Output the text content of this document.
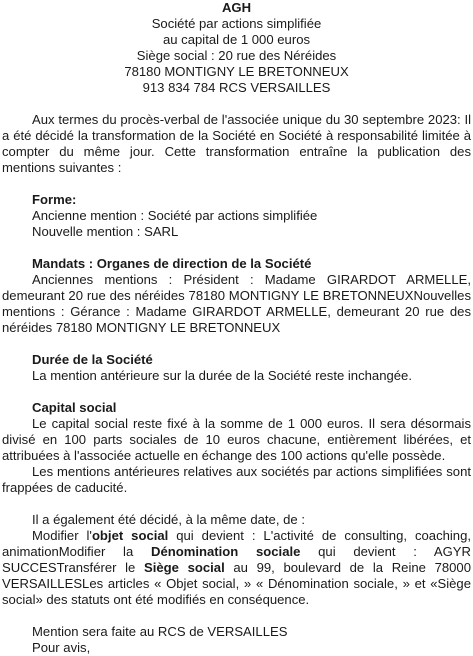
AGH
Société par actions simplifiée
au capital de 1 000 euros
Siège social : 20 rue des Néréides
78180 MONTIGNY LE BRETONNEUX
913 834 784 RCS VERSAILLES

Aux termes du procès-verbal de l'associée unique du 30 septembre 2023: Il a été décidé la transformation de la Société en Société à responsabilité limitée à compter du même jour. Cette transformation entraîne la publication des mentions suivantes :

Forme:
Ancienne mention : Société par actions simplifiée
Nouvelle mention : SARL
Mandats : Organes de direction de la Société

Anciennes mentions : Président : Madame GIRARDOT ARMELLE, demeurant 20 rue des néréides 78180 MONTIGNY LE BRETONNEUXNouvelles mentions : Gérance : Madame GIRARDOT ARMELLE, demeurant 20 rue des néréides 78180 MONTIGNY LE BRETONNEUX

Durée de la Société
La mention antérieure sur la durée de la Société reste inchangée.
Capital social

Le capital social reste fixé à la somme de 1 000 euros. Il sera désormais divisé en 100 parts sociales de 10 euros chacune, entièrement libérées, et attribuées à l'associée actuelle en échange des 100 actions qu'elle possède.

Les mentions antérieures relatives aux sociétés par actions simplifiées sont frappées de caducité.

Il a également été décidé, à la même date, de :

Modifier l'objet social qui devient : L'activité de consulting, coaching, animationModifier la Dénomination sociale qui devient : AGYR SUCCESTransférer le Siège social au 99, boulevard de la Reine 78000 VERSAILLESLes articles « Objet social, » « Dénomination sociale, » et «Siège social» des statuts ont été modifiés en conséquence.

Mention sera faite au RCS de VERSAILLES
Pour avis,
